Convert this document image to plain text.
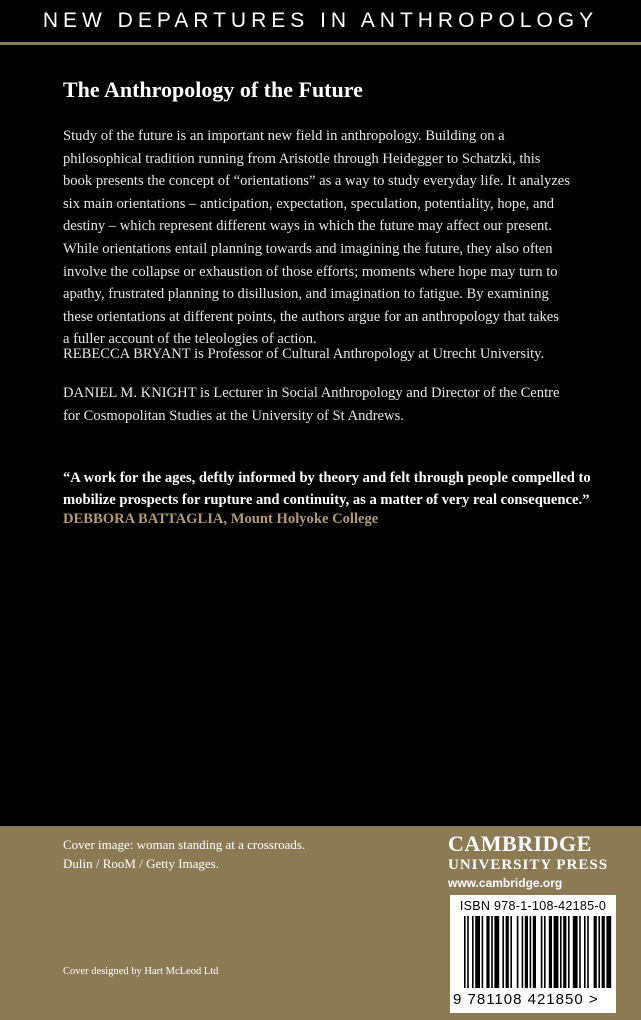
NEW DEPARTURES IN ANTHROPOLOGY
The Anthropology of the Future
Study of the future is an important new field in anthropology. Building on a
philosophical tradition running from Aristotle through Heidegger to Schatzki, this
book presents the concept of “orientations” as a way to study everyday life. It analyzes
six main orientations – anticipation, expectation, speculation, potentiality, hope, and
destiny – which represent different ways in which the future may affect our present.
While orientations entail planning towards and imagining the future, they also often
involve the collapse or exhaustion of those efforts; moments where hope may turn to
apathy, frustrated planning to disillusion, and imagination to fatigue. By examining
these orientations at different points, the authors argue for an anthropology that takes
a fuller account of the teleologies of action.
REBECCA BRYANT is Professor of Cultural Anthropology at Utrecht University.
DANIEL M. KNIGHT is Lecturer in Social Anthropology and Director of the Centre
for Cosmopolitan Studies at the University of St Andrews.
“A work for the ages, deftly informed by theory and felt through people compelled to
mobilize prospects for rupture and continuity, as a matter of very real consequence.”
DEBBORA BATTAGLIA, Mount Holyoke College
Cover image: woman standing at a crossroads.
Dulin / RooM / Getty Images.
Cover designed by Hart McLeod Ltd
CAMBRIDGE
UNIVERSITY PRESS
www.cambridge.org
ISBN 978-1-108-42185-0
9 781108 421850 >
